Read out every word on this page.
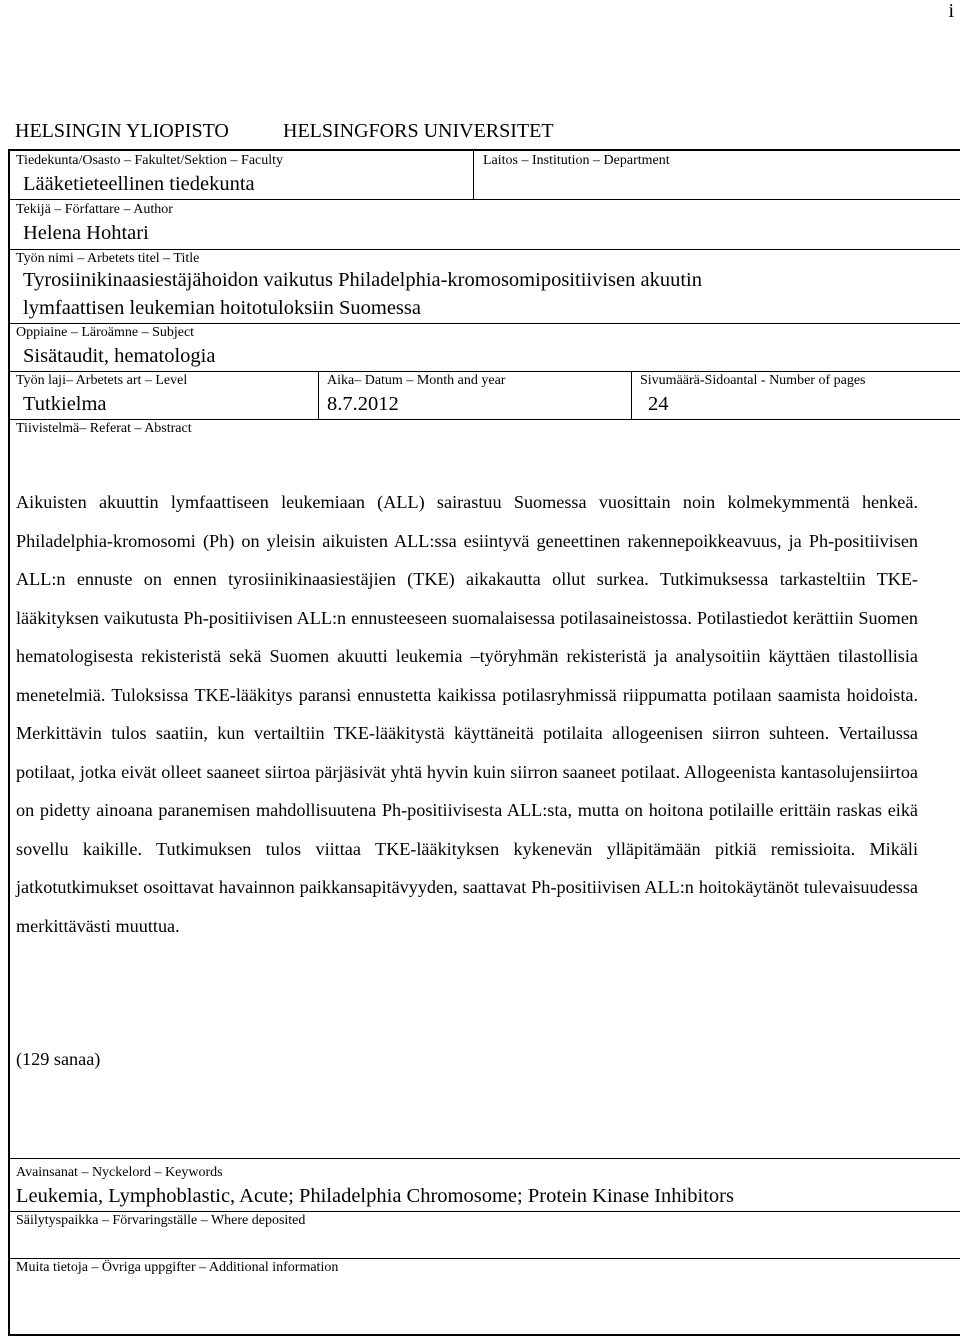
i
HELSINGIN YLIOPISTO	HELSINGFORS UNIVERSITET
Tiedekunta/Osasto – Fakultet/Sektion – Faculty
Lääketieteellinen tiedekunta
Laitos – Institution – Department
Tekijä – Författare – Author
Helena Hohtari
Työn nimi – Arbetets titel – Title
Tyrosiinikinaasiestäjähoidon vaikutus Philadelphia-kromosomipositiivisen akuutin
lymfaattisen leukemian hoitotuloksiin Suomessa
Oppiaine – Läroämne – Subject
Sisätaudit, hematologia
Työn laji– Arbetets art – Level
Tutkielma
Aika– Datum – Month and year
8.7.2012
Sivumäärä-Sidoantal - Number of pages
24
Tiivistelmä– Referat – Abstract

Aikuisten akuuttin lymfaattiseen leukemiaan (ALL) sairastuu Suomessa vuosittain noin kolmekymmentä henkeä. Philadelphia-kromosomi (Ph) on yleisin aikuisten ALL:ssa esiintyvä geneettinen rakennepoikkeavuus, ja Ph-positiivisen ALL:n ennuste on ennen tyrosiinikinaasiestäjien (TKE) aikakautta ollut surkea. Tutkimuksessa tarkasteltiin TKE-lääkityksen vaikutusta Ph-positiivisen ALL:n ennusteeseen suomalaisessa potilasaineistossa. Potilastiedot kerättiin Suomen hematologisesta rekisteristä sekä Suomen akuutti leukemia –työryhmän rekisteristä ja analysoitiin käyttäen tilastollisia menetelmiä. Tuloksissa TKE-lääkitys paransi ennustetta kaikissa potilasryhmissä riippumatta potilaan saamista hoidoista. Merkittävin tulos saatiin, kun vertailtiin TKE-lääkitystä käyttäneitä potilaita allogeenisen siirron suhteen. Vertailussa potilaat, jotka eivät olleet saaneet siirtoa pärjäsivät yhtä hyvin kuin siirron saaneet potilaat. Allogeenista kantasolujensiirtoa on pidetty ainoana paranemisen mahdollisuutena Ph-positiivisesta ALL:sta, mutta on hoitona potilaille erittäin raskas eikä sovellu kaikille. Tutkimuksen tulos viittaa TKE-lääkityksen kykenevän ylläpitämään pitkiä remissioita. Mikäli jatkotutkimukset osoittavat havainnon paikkansapitävyyden, saattavat Ph-positiivisen ALL:n hoitokäytänöt tulevaisuudessa merkittävästi muuttua.

(129 sanaa)
Avainsanat – Nyckelord – Keywords
Leukemia, Lymphoblastic, Acute; Philadelphia Chromosome; Protein Kinase Inhibitors
Säilytyspaikka – Förvaringställe – Where deposited
Muita tietoja – Övriga uppgifter – Additional information
